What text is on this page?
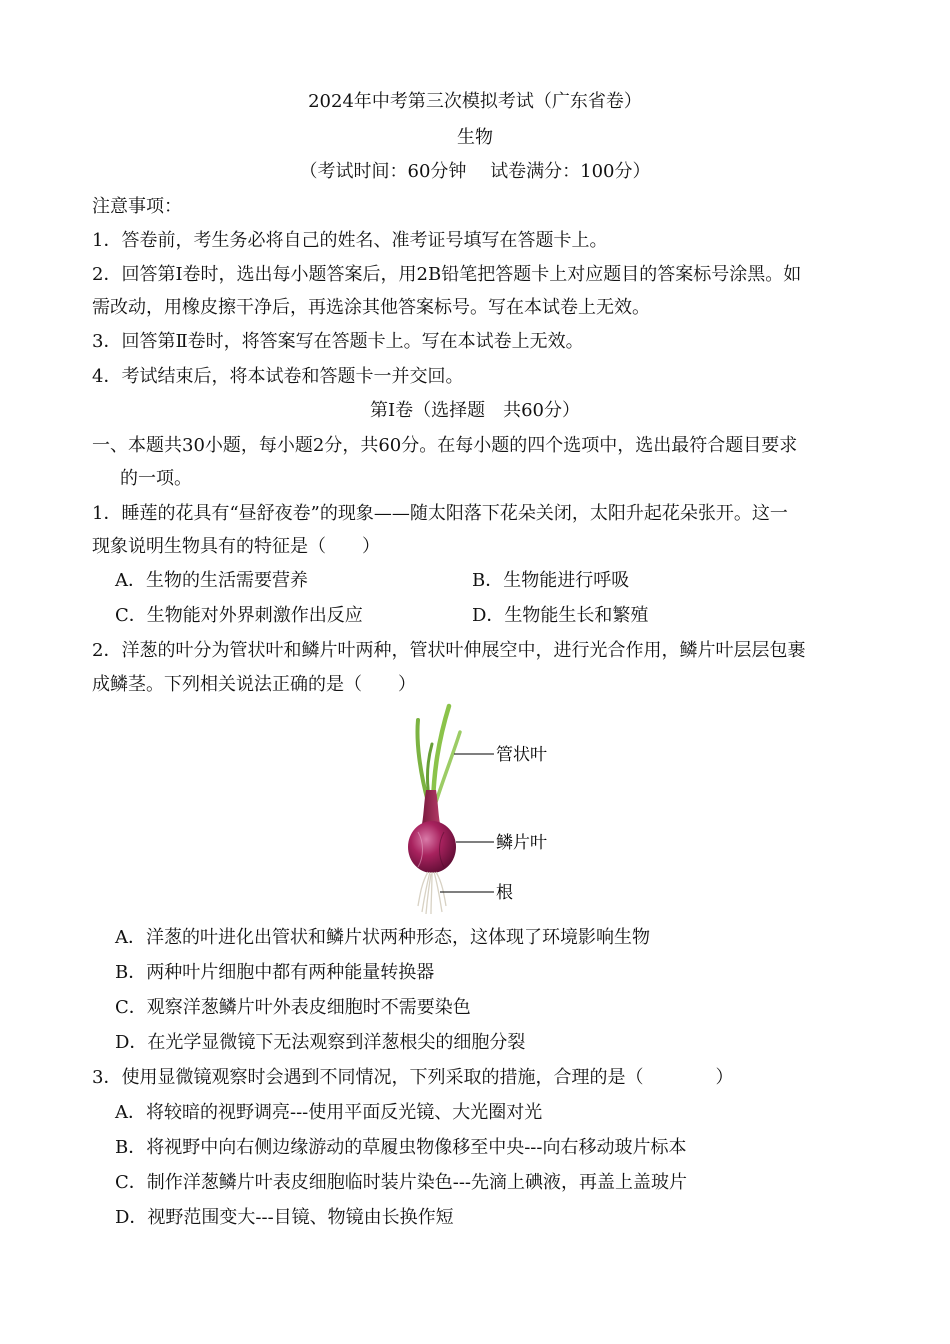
2024年中考第三次模拟考试（广东省卷）
生物
（考试时间：60分钟　 试卷满分：100分）
注意事项：
1．答卷前，考生务必将自己的姓名、准考证号填写在答题卡上。
2．回答第Ⅰ卷时，选出每小题答案后，用2B铅笔把答题卡上对应题目的答案标号涂黑。如
需改动，用橡皮擦干净后，再选涂其他答案标号。写在本试卷上无效。
3．回答第Ⅱ卷时，将答案写在答题卡上。写在本试卷上无效。
4．考试结束后，将本试卷和答题卡一并交回。
第Ⅰ卷（选择题　共60分）
一、本题共30小题，每小题2分，共60分。在每小题的四个选项中，选出最符合题目要求
的一项。
1．睡莲的花具有“昼舒夜卷”的现象——随太阳落下花朵关闭，太阳升起花朵张开。这一
现象说明生物具有的特征是（　　）
A．生物的生活需要营养	B．生物能进行呼吸
C．生物能对外界刺激作出反应	D．生物能生长和繁殖
2．洋葱的叶分为管状叶和鳞片叶两种，管状叶伸展空中，进行光合作用，鳞片叶层层包裹
成鳞茎。下列相关说法正确的是（　　）
管状叶
鳞片叶
根
A．洋葱的叶进化出管状和鳞片状两种形态，这体现了环境影响生物
B．两种叶片细胞中都有两种能量转换器
C．观察洋葱鳞片叶外表皮细胞时不需要染色
D．在光学显微镜下无法观察到洋葱根尖的细胞分裂
3．使用显微镜观察时会遇到不同情况，下列采取的措施，合理的是（　　　　）
A．将较暗的视野调亮---使用平面反光镜、大光圈对光
B．将视野中向右侧边缘游动的草履虫物像移至中央---向右移动玻片标本
C．制作洋葱鳞片叶表皮细胞临时装片染色---先滴上碘液，再盖上盖玻片
D．视野范围变大---目镜、物镜由长换作短
